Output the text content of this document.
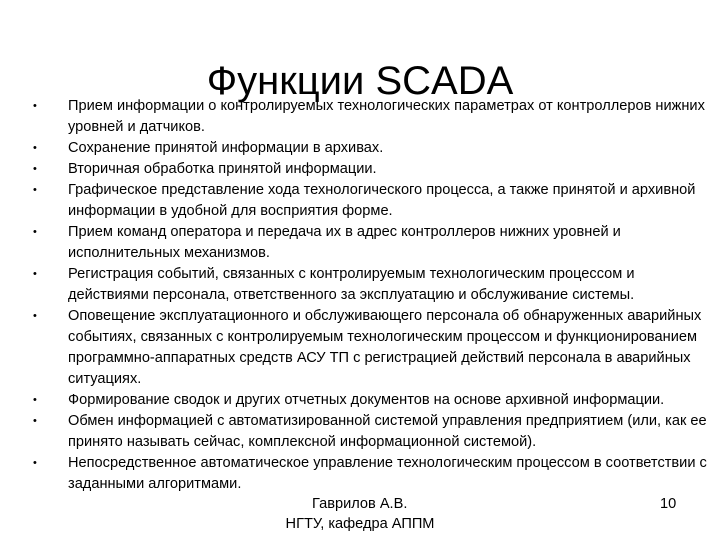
Функции SCADA
•	Прием информации о контролируемых технологических параметрах от контроллеров нижних уровней и датчиков.
•	Сохранение принятой информации в архивах.
•	Вторичная обработка принятой информации.
•	Графическое представление хода технологического процесса, а также принятой и архивной информации в удобной для восприятия форме.
•	Прием команд оператора и передача их в адрес контроллеров нижних уровней и исполнительных механизмов.
•	Регистрация событий, связанных с контролируемым технологическим процессом и действиями персонала, ответственного за эксплуатацию и обслуживание системы.
•	Оповещение эксплуатационного и обслуживающего персонала об обнаруженных аварийных событиях, связанных с контролируемым технологическим процессом и функционированием программно-аппаратных средств АСУ ТП с регистрацией действий персонала в аварийных ситуациях.
•	Формирование сводок и других отчетных документов на основе архивной информации.
•	Обмен информацией с автоматизированной системой управления предприятием (или, как ее принято называть сейчас, комплексной информационной системой).
•	Непосредственное автоматическое управление технологическим процессом в соответствии с заданными алгоритмами.
Гаврилов А.В.
НГТУ, кафедра АППМ
10
